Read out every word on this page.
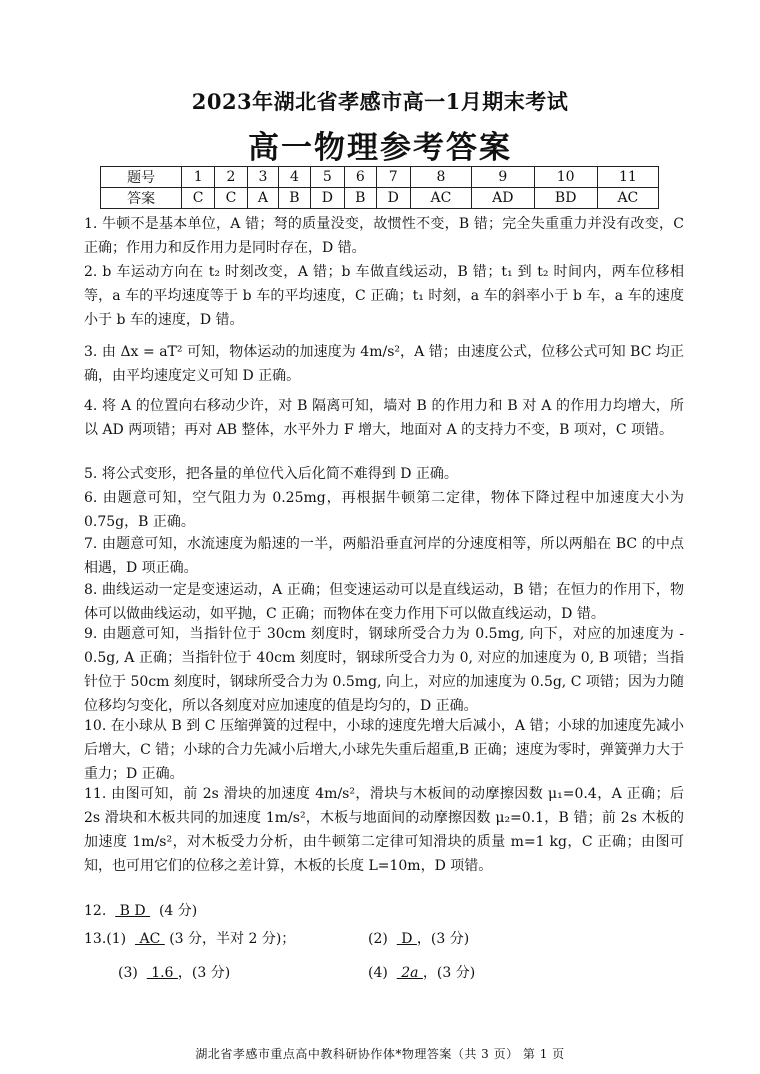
2023年湖北省孝感市高一1月期末考试
高一物理参考答案
题号	1	2	3	4	5	6	7	8	9	10	11
答案	C	C	A	B	D	B	D	AC	AD	BD	AC

1. 牛顿不是基本单位，A 错；弩的质量没变，故惯性不变，B 错；完全失重重力并没有改变，C 正确；作用力和反作用力是同时存在，D 错。

2. b 车运动方向在 t₂ 时刻改变，A 错；b 车做直线运动，B 错；t₁ 到 t₂ 时间内，两车位移相等，a 车的平均速度等于 b 车的平均速度，C 正确；t₁ 时刻，a 车的斜率小于 b 车，a 车的速度小于 b 车的速度，D 错。

3. 由 Δx = aT² 可知，物体运动的加速度为 4m/s²，A 错；由速度公式，位移公式可知 BC 均正确，由平均速度定义可知 D 正确。

4. 将 A 的位置向右移动少许，对 B 隔离可知，墙对 B 的作用力和 B 对 A 的作用力均增大，所以 AD 两项错；再对 AB 整体，水平外力 F 增大，地面对 A 的支持力不变，B 项对，C 项错。

5. 将公式变形，把各量的单位代入后化简不难得到 D 正确。

6. 由题意可知，空气阻力为 0.25mg，再根据牛顿第二定律，物体下降过程中加速度大小为 0.75g，B 正确。

7. 由题意可知，水流速度为船速的一半，两船沿垂直河岸的分速度相等，所以两船在 BC 的中点相遇，D 项正确。

8. 曲线运动一定是变速运动，A 正确；但变速运动可以是直线运动，B 错；在恒力的作用下，物体可以做曲线运动，如平抛，C 正确；而物体在变力作用下可以做直线运动，D 错。

9. 由题意可知，当指针位于 30cm 刻度时，钢球所受合力为 0.5mg, 向下，对应的加速度为 - 0.5g, A 正确；当指针位于 40cm 刻度时，钢球所受合力为 0, 对应的加速度为 0, B 项错；当指针位于 50cm 刻度时，钢球所受合力为 0.5mg, 向上，对应的加速度为 0.5g, C 项错；因为力随位移均匀变化，所以各刻度对应加速度的值是均匀的，D 正确。

10. 在小球从 B 到 C 压缩弹簧的过程中，小球的速度先增大后减小，A 错；小球的加速度先减小后增大，C 错；小球的合力先减小后增大,小球先失重后超重,B 正确；速度为零时，弹簧弹力大于重力；D 正确。

11. 由图可知，前 2s 滑块的加速度 4m/s²，滑块与木板间的动摩擦因数 μ₁=0.4，A 正确；后 2s 滑块和木板共同的加速度 1m/s²，木板与地面间的动摩擦因数 μ₂=0.1，B 错；前 2s 木板的加速度 1m/s²，对木板受力分析，由牛顿第二定律可知滑块的质量 m=1 kg，C 正确；由图可知，也可用它们的位移之差计算，木板的长度 L=10m，D 项错。

12.   B D   (4 分)
13.(1)   AC  (3 分，半对 2 分)；	(2)   D ，(3 分)
(3)   1.6 ，(3 分)	(4)   2a ，(3 分)
湖北省孝感市重点高中教科研协作体*物理答案（共 3 页） 第 1 页
